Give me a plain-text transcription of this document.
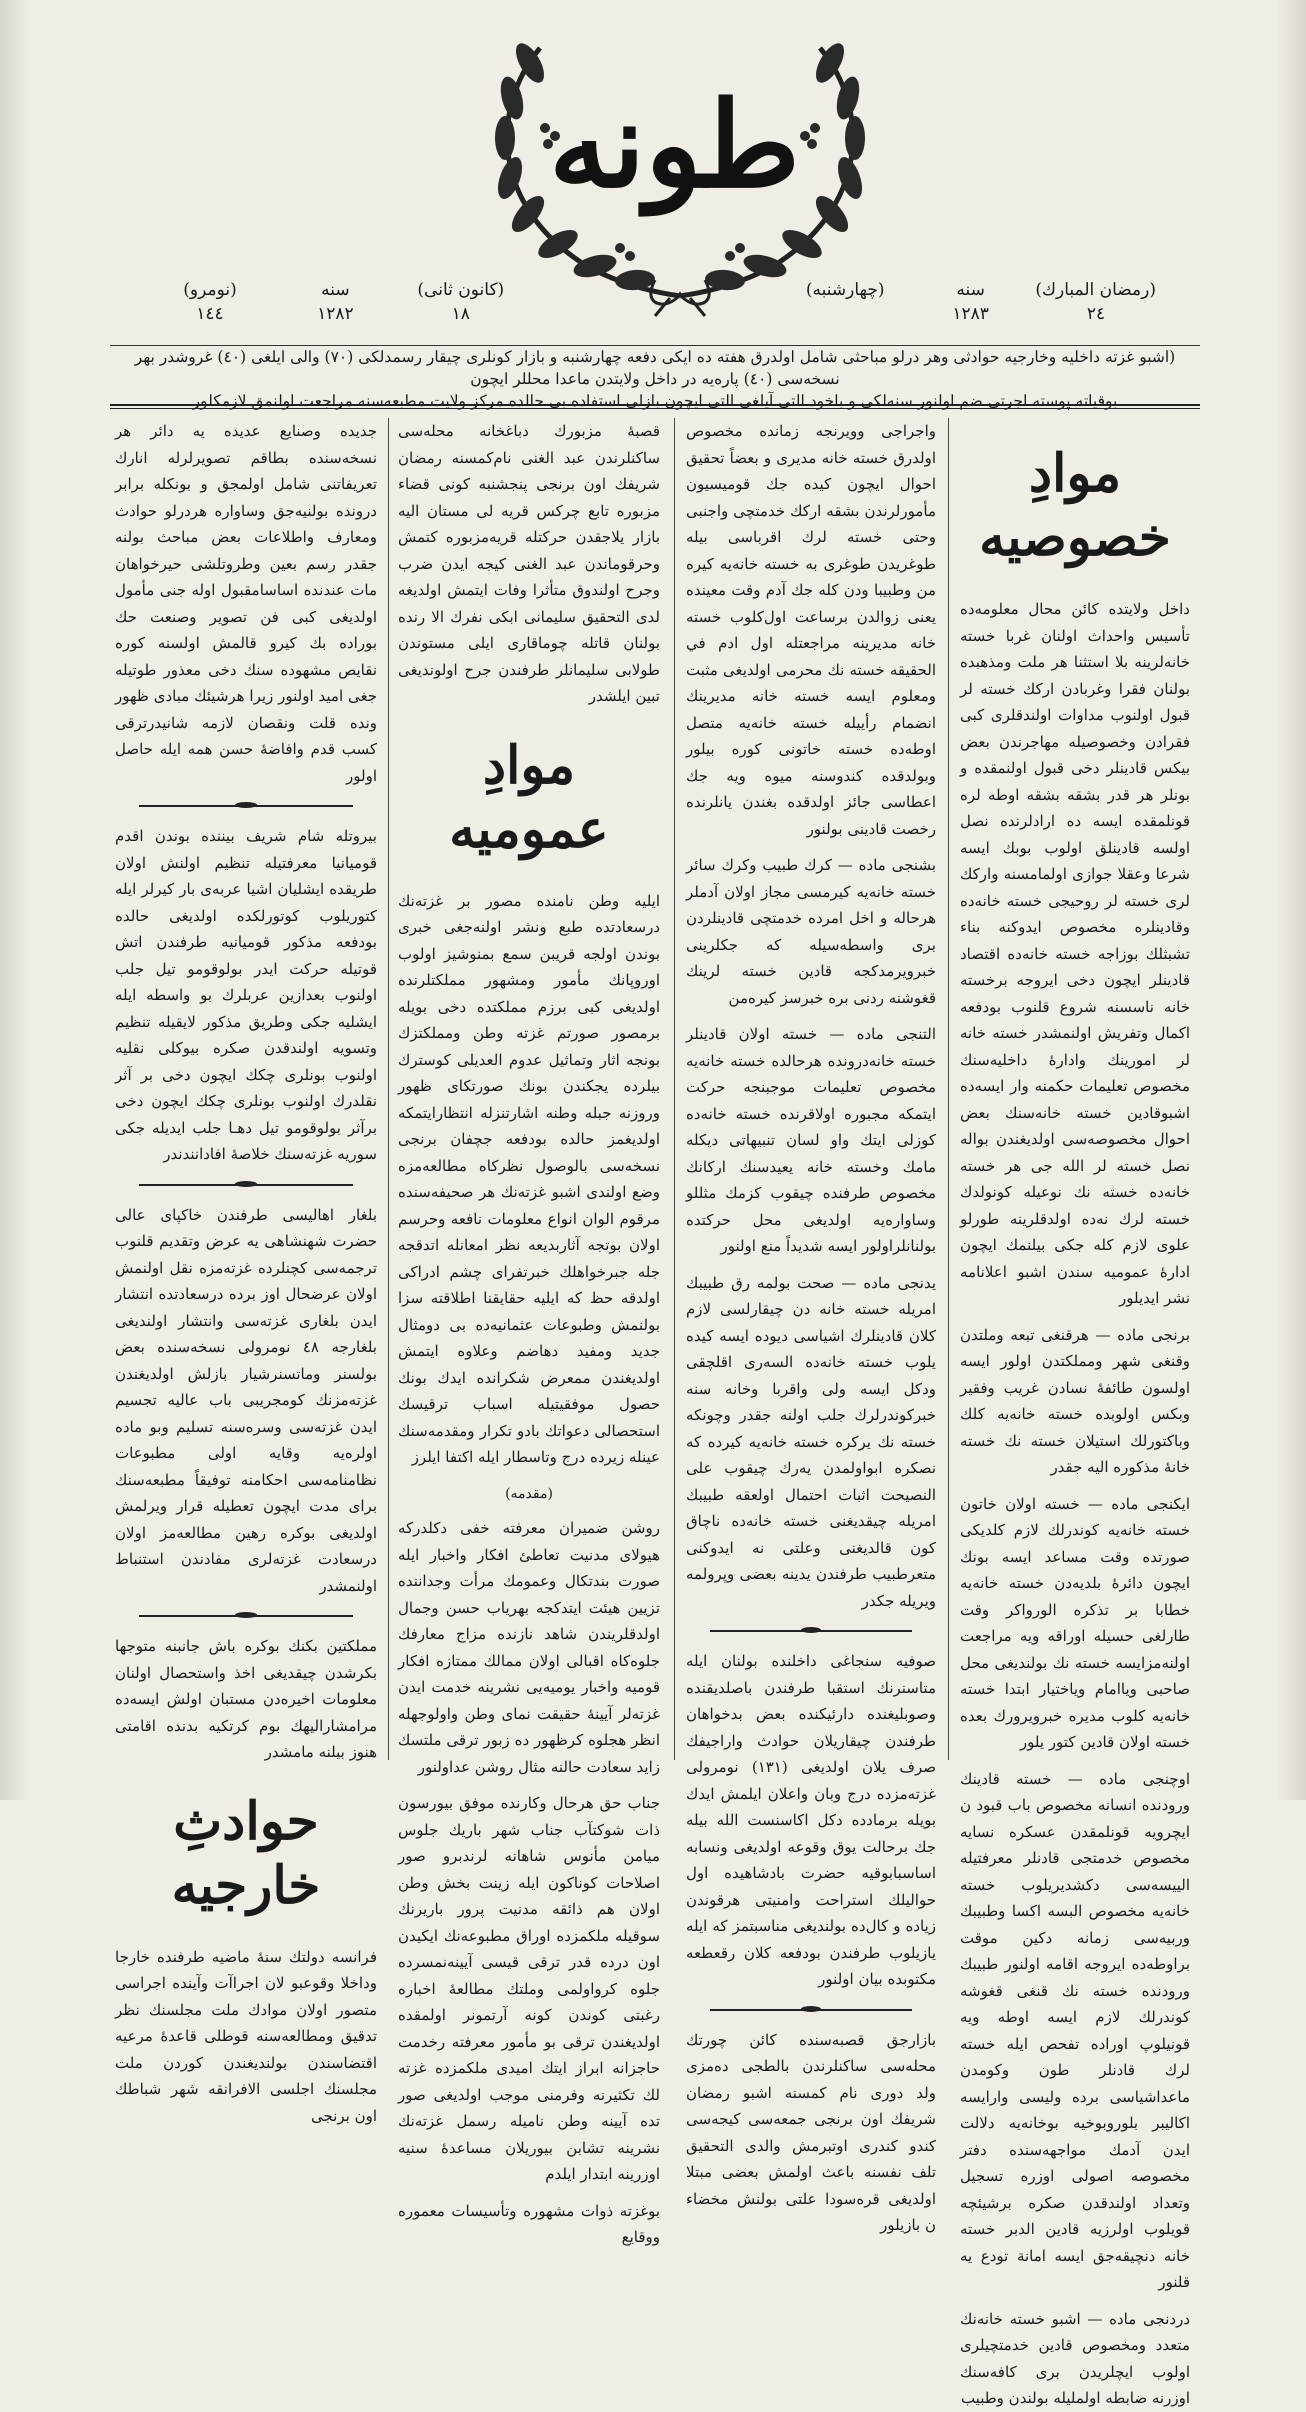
طونه
(رمضان المبارك) سنه (چهارشنبه)
٢٤ ١٢٨٣
(كانون ثانی) سنه (نومرو)
١٨ ١٢٨٢ ١٤٤
(اشبو غزته داخليه وخارجيه حوادثی وهر درلو مباحثی شامل اولدرق هفته ده ايكی دفعه چهارشنبه و بازار كونلری چيقار رسمدلكی (٧٠) والی ايلغی (٤٠) غروشدر بهر نسخه‌سی (٤٠) پاره‌يه در داخل ولايتدن ماعدا محللر ايچون
بوقياته پوسته اجرتی ضم اولنور سنه‌لكی و باخود التی آيلغی التی ايچون بازلی استفاده بی حالده مركز ولايت مطبعه‌سنه مراجعت اولنمق لازمكلور
موادِ خصوصيه

داخل ولايتده كائن محال معلومه‌ده تأسيس واحداث اولنان غربا خسته خانه‌لرينه بلا استثنا هر ملت ومذهبده بولنان فقرا وغربادن اركك خسته لر قبول اولنوب مداوات اولندقلری كبی فقرادن وخصوصيله مهاجرندن بعض بيكس قادينلر دخی قبول اولنمقده و بونلر هر قدر بشقه بشقه اوطه لره قونلمقده ايسه ده ارادلرنده نصل اولسه قادينلق اولوب بوبك ايسه شرعا وعقلا جوازی اولمامسنه واركك لری خسته لر روحيجی خسته خانه‌ده وقادينلره مخصوص ايدوكنه بناء تشبثلك بوزاجه خسته خانه‌ده اقتصاد قادينلر ايچون دخی ايروجه برخسته خانه ناسسنه شروع قلنوب بودفعه اكمال وتفريش اولنمشدر خسته خانه لر امورينك وادارهٔ داخليه‌سنك مخصوص تعليمات حكمنه وار ايسه‌ده اشبوقادين خسته خانه‌سنك بعض احوال مخصوصه‌سی اولديغندن بواله نصل خسته لر الله جی هر خسته خانه‌ده خسته نك نوعيله كونولدك خسته لرك نه‌ده اولدقلرينه طورلو علوی لازم كله جكی بيلنمك ايچون ادارهٔ عموميه سندن اشبو اعلانامه نشر ايديلور

برنجی ماده — هرقنغی تبعه وملتدن وقنغی شهر ومملكتدن اولور ايسه اولسون طائفهٔ نسادن غريب وفقير وبكس اولوبده خسته خانه‌يه كلك وباكتورلك استيلان خسته نك خسته خانهٔ مذكوره اليه جقدر

ايكنجی ماده — خسته اولان خاتون خسته خانه‌يه كوندرلك لازم كلديكی صورتده وقت مساعد ايسه بونك ايچون دائرهٔ بلديه‌دن خسته خانه‌يه خطابا بر تذكره الورواكر وقت طارلغی حسيله اوراقه ويه مراجعت اولنه‌مزايسه خسته نك بولنديغی محل صاحبی وياامام وياختيار ابتدا خسته خانه‌يه كلوب مديره خبرويرورك بعده خسته اولان قادين كتور يلور

اوچنجی ماده — خسته قادينك ورودنده انسانه مخصوص باب قبود ن ايچرويه قونلمقدن عسكره نسايه مخصوص خدمتجی قادنلر معرفتيله الييسه‌سی دكشديريلوب خسته خانه‌يه مخصوص البسه اكسا وطبيبك وربيه‌سی زمانه دكين موقت براوطه‌ده ايروجه اقامه اولنور طبيبك ورودنده خسته نك قنغی قغوشه كوندرلك لازم ايسه اوطه ويه قونيلوپ اوراده تفحص ايله خسته لرك قادنلر طون وكومدن ماعداشياسی برده وليسی وارايسه اكاليبر بلوروبوخيه بوخانه‌يه دلالت ايدن آدمك مواجهه‌سنده دفتر مخصوصه اصولی اوزره تسجيل وتعداد اولندقدن صكره برشيئچه قويلوب اولرزيه قادين الدبر خسته خانه دنچيقه‌جق ايسه امانة تودع يه قلنور

دردنجی ماده — اشبو خسته خانه‌نك متعدد ومخصوص قادين خدمتچيلری اولوب ايچلريدن بری كافه‌سنك اوزرنه ضابطه اولمليله بولندن وطبيب

واجراجی وويرنجه زمانده مخصوص اولدرق خسته خانه مديری و بعضاً تحقيق احوال ايچون كيده جك قوميسيون مأمورلرندن بشقه اركك خدمتچی واجنبی وحتی خسته لرك اقرباسی بيله طوغريدن طوغری به خسته خانه‌يه كيره من وطبيبا ودن كله جك آدم وقت معينده يعنی زوالدن برساعت اول‌كلوب خسته خانه مديرينه مراجعتله اول ادم في الحقيقه خسته نك محرمی اولديغی مثبت ومعلوم ايسه خسته خانه مديرينك انضمام رأييله خسته خانه‌يه متصل اوطه‌ده خسته خاتونی كوره بيلور وبولدقده كندوسنه ميوه ويه جك اعطاسی جائز اولدقده بغندن يانلرنده رخصت قادينی بولنور

بشنجی ماده — كرك طبيب وكرك سائر خسته خانه‌يه كيرمسی مجاز اولان آدملر هرحاله و اخل امرده خدمتچی قادينلردن بری واسطه‌سيله كه جكلرينی خبرويرمدكجه قادين خسته لرينك قغوشنه ردنی بره خبرسز كيره‌من

التنجی ماده — خسته اولان قادينلر خسته خانه‌درونده هرحالده خسته خانه‌يه مخصوص تعليمات موجبنجه حركت ايتمكه مجبوره اولاقرنده خسته خانه‌ده كوزلی ايتك واو لسان تنبيهاتی ديكله مامك وخسته خانه يعيدسنك اركانك مخصوص طرفنده چيقوب كزمك مثللو وساواره‌يه اولديغی محل حركتده بولنانلراولور ايسه شديداً منع اولنور

يدنجی ماده — صحت بولمه رق طبيبك امريله خسته خانه دن چيقارلسی لازم كلان قادينلرك اشياسی ديوده ايسه كيده يلوب خسته خانه‌ده السه‌ری اقلچقی ودكل ايسه ولی واقربا وخانه سنه خبركوندرلرك جلب اولنه جقدر وچونكه خسته نك يركره خسته خانه‌يه كيرده كه نصكره ابواولمدن يه‌رك چيقوب علی النصيحت اثبات احتمال اولعقه طبيبك امريله چيقديغنی خسته خانه‌ده ناچاق كون قالديغنی وعلتی نه ايدوكنی متعرطبيب طرفندن يدينه بعضی وپرولمه ويريله جكدر

صوفيه سنجاغی داخلنده بولنان ايله متاسنرنك استقبا طرفندن باصلديقنده وصوبليغنده دارئيكنده بعض بدخواهان طرفندن چيقاريلان حوادث واراجيفك صرف يلان اولديغی (١٣١) نومرولی غزته‌مزده درج وبان واعلان ايلمش ايدك بويله برمادده دكل اكاسنست الله بيله جك برحالت يوق وقوعه اولديغی ونسابه اساسبابوقيه حضرت بادشاهيده اول حواليلك استراحت وامنيتی هرقوندن زياده و كال‌ده بولنديغی مناسبتمز كه ايله يازيلوب طرفندن بودفعه كلان رقعطعه مكتوبده بيان اولنور

بازارجق قصبه‌سنده كائن چورتك محله‌سی ساكنلرندن بالطجی ده‌مزی ولد دوری نام كمسنه اشبو رمضان شريفك اون برنجی جمعه‌سی كيجه‌سی كندو كندری اوتبرمش والدی التحقيق تلف نفسنه باعث اولمش بعضی مبتلا اولديغی قره‌سودا علتی بولنش مخضاء ن بازيلور

قصبهٔ مزبورك دباغخانه محله‌سی ساكنلرندن عبد الغنی نام‌كمسنه رمضان شريفك اون برنجی پنجشنبه كونی قضاء مزبوره تابع چركس قريه لی مستان اليه بازار يلاجقدن حركتله قريه‌مزبوره كتمش وحرقوماندن عبد الغنی كيجه ايدن ضرب وجرح اولندوق متأثرا وفات ايتمش اولديغه لدی التحقيق سليمانی ابكی نفرك الا رنده بولنان قاتله چوماقاری ايلی مستوندن طولابی سليمانلر طرفندن جرح اولوندیغی تبين ايلشدر

موادِ عموميه

ايليه وطن نامنده مصور بر غزته‌نك درسعادتده طبع ونشر اولنه‌جغی خبری بوندن اولجه قريبن سمع بمنوشيز اولوب اوروپانك مأمور ومشهور مملكتلرنده اولديغی كبی برزم مملكتده دخی بويله برمصور صورتم غزته وطن ومملكتزك بونجه اثار وتماثيل عدوم العديلی كوسترك بيلرده يجكندن بونك صورتكای ظهور وروزنه جبله وطنه اشارتنزله انتظارايتمكه اولديغمز حالده بودفعه جچفان برنجی نسخه‌سی بالوصول نظركاه مطالعه‌مزه وضع اولندی اشبو غزته‌نك هر صحيفه‌سنده مرقوم الوان انواع معلومات نافعه وحرسم اولان بوتجه آثاربديعه نظر امعانله اتدقجه جله جبرخواهلك خبرتفرای چشم ادراكی اولدقه حظ كه ايليه حقايقنا اطلاقته سزا بولنمش وطبوعات عثمانيه‌ده بی دومثال جديد ومفيد دهاضم وعلاوه ايتمش اولديغندن ممعرض شكرانده ايدك بونك حصول موفقيتيله اسباب ترقيسك استحصالی دعواتك بادو تكرار ومقدمه‌سنك عينله زيرده درج وتاسطار ايله اكتفا ايلرز

(مقدمه)

روشن ضميران معرفته خفی دكلدركه هيولای مدنيت تعاطئ افكار واخبار ايله صورت بندتكال وعمومك مرأت وجداننده تزيين هيئت ايتدكجه بهرياب حسن وجمال اولدقلريندن شاهد نازنده مزاج معارفك جلوه‌كاه اقبالی اولان ممالك ممتازه افكار قوميه واخبار يوميه‌يی نشرينه خدمت ايدن غزته‌لر آيينه‌ٔ حقيقت نمای وطن واولوجهله انظر هجلوه كرظهور ده زبور ترقی ملتسك زايد سعادت حالنه مثال روشن عداولنور

جناب حق هرحال وكارنده موفق بيورسون ذات شوكتآب جناب شهر باريك جلوس ميامن مأنوس شاهانه لرندبرو صور اصلاحات كوناكون ايله زينت بخش وطن اولان هم ذائقه مدنيت پرور باريرنك سوقيله ملكمزده اوراق مطبوعه‌نك ايكيدن اون درده قدر ترقی قيسی آيينه‌نمسرده جلوه كرواولمی وملتك مطالعهٔ اخباره رغبتی كوندن كونه آرتمونر اولمقده اولديغندن ترقی بو مأمور معرفته رخدمت حاجزانه ابراز ايتك اميدی ملكمزده غزته لك تكثيرنه وفرمنی موجب اولديغی صور تده آيينه وطن ناميله رسمل غزته‌نك نشرينه تشابن بيوريلان مساعدهٔ سنيه اوزرينه ابتدار ايلدم

بوغزته ذوات مشهوره وتأسيسات معموره ووقايع

جديده وصنايع عديده يه دائر هر نسخه‌سنده بطاقم تصويرلرله انارك تعريفاتنی شامل اولمجق و بونكله برابر درونده بولنيه‌جق وساواره هردرلو حوادث ومعارف واطلاعات بعض مباحث بولنه جقدر رسم بعين وطروتلشی حيرخواهان مات عندنده اساسامقبول اوله جنی مأمول اولديغی كبی فن تصوير وصنعت حك بوراده بك كيرو قالمش اولسنه كوره نقايص مشهوده سنك دخی معذور طوتيله جغی اميد اولنور زيرا هرشيئك مبادی ظهور ونده قلت ونقصان لازمه شانيدرترقی كسب قدم وافاضهٔ حسن همه ايله حاصل اولور

بيروتله شام شريف بيننده بوندن اقدم قوميانيا معرفتيله تنظيم اولنش اولان طريقده ايشليان اشيا عربه‌ی بار كيرلر ايله كتوريلوب كوتورلكده اولديغی حالده بودفعه مذكور قوميانيه طرفندن اتش قوتيله حركت ايدر بولوقومو تيل جلب اولنوب بعدازين عربلرك بو واسطه ايله ايشليه جكی وطريق مذكور لايقيله تنظيم وتسويه اولندقدن صكره بيوكلی نقليه اولنوب بونلری چكك ايچون دخی بر آثر نقلدرك اولنوب بونلری چكك ايچون دخی برآثر بولوقومو تيل دهـا جلب ايديله جكی سوريه غزته‌سنك خلاصهٔ افادانندندر

بلغار اهاليسی طرفندن خاكپای عالی حضرت شهنشاهی يه عرض وتقديم قلنوب ترجمه‌سی كچنلرده غزته‌مزه نقل اولنمش اولان عرضحال اوز برده درسعادتده انتشار ايدن بلغاری غزته‌سی وانتشار اولنديغی بلغارجه ٤٨ نومرولی نسخه‌سنده بعض بولسنر وماتسنرشيار بازلش اولديغندن غزته‌مزنك كومجريبی باب عاليه تجسيم ايدن غزته‌سی وسره‌سنه تسليم وبو ماده اولره‌يه وقايه اولی مطبوعات نظامنامه‌سی احكامنه توفيقاً مطبعه‌سنك برای مدت ايچون تعطيله قرار ويرلمش اولديغی بوكره رهين مطالعه‌مز اولان درسعادت غزته‌لری مفادندن استنباط اولنمشدر

مملكتين بكنك بوكره باش جانبنه متوجها بكرشدن چيقديغی اخذ واستحصال اولنان معلومات اخيره‌دن مستبان اولش ايسه‌ده مرامشاراليهك بوم كرتكيه بدنده اقامتی هنوز بيلنه مامشدر

حوادثِ خارجيه

فرانسه دولتك سنهٔ ماضيه طرفنده خارجا وداخلا وقوعبو لان اجراآت وآينده اجراسی متصور اولان موادك ملت مجلسنك نظر تدقيق ومطالعه‌سنه قوطلی قاعدهٔ مرعيه اقتضاسندن بولنديغندن كوردن ملت مجلسنك اجلسی الافرانقه شهر شباطك اون برنجی
